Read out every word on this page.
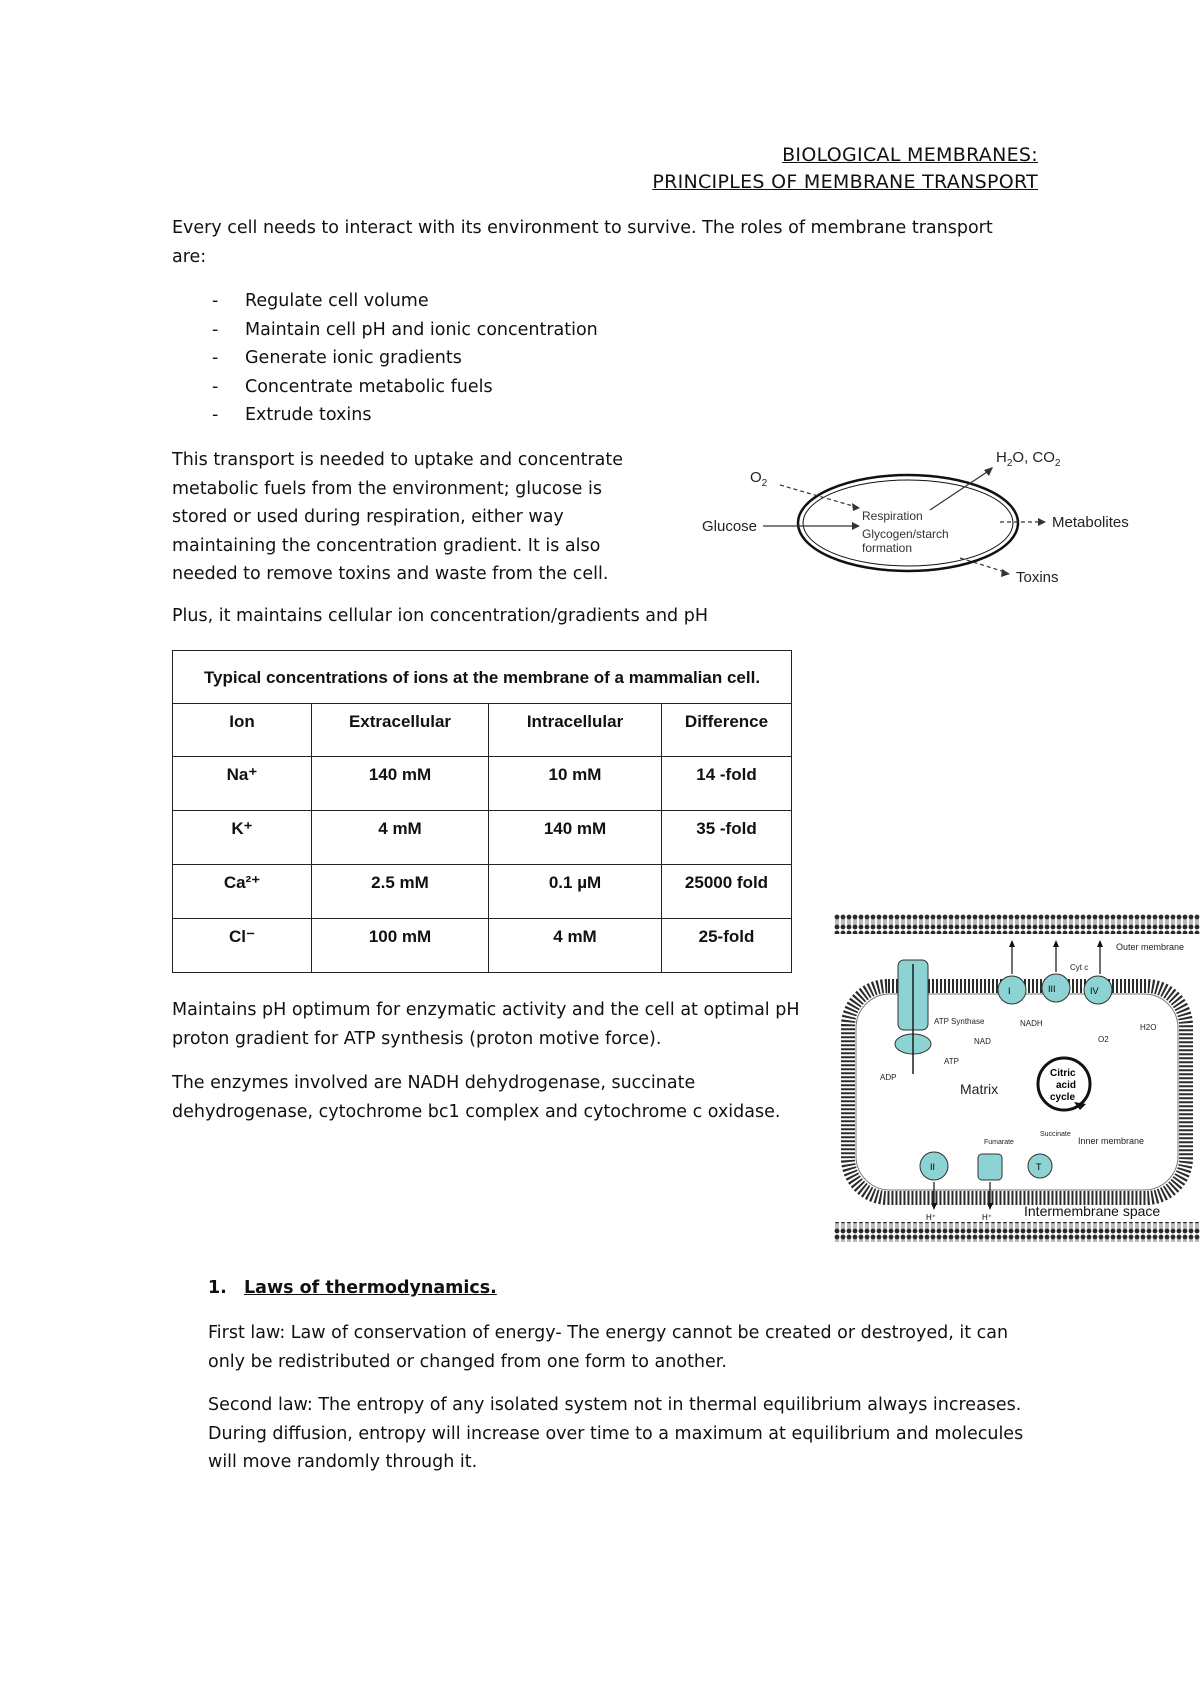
BIOLOGICAL MEMBRANES:
PRINCIPLES OF MEMBRANE TRANSPORT

Every cell needs to interact with its environment to survive. The roles of membrane transport are:

- Regulate cell volume
- Maintain cell pH and ionic concentration
- Generate ionic gradients
- Concentrate metabolic fuels
- Extrude toxins

This transport is needed to uptake and concentrate metabolic fuels from the environment; glucose is stored or used during respiration, either way maintaining the concentration gradient. It is also needed to remove toxins and waste from the cell.

$O_2$
Glucose
Respiration
Glycogen/starch
formation
$H_2O$, $CO_2$
Metabolites
Toxins

Plus, it maintains cellular ion concentration/gradients and pH

Typical concentrations of ions at the membrane of a mammalian cell.			
Ion	Extracellular	Intracellular	Difference
Na⁺	140 mM	10 mM	14 -fold
K⁺	4 mM	140 mM	35 -fold
Ca²⁺	2.5 mM	0.1 µM	25000 fold
Cl⁻	100 mM	4 mM	25-fold

Maintains pH optimum for enzymatic activity and the cell at optimal pH proton gradient for ATP synthesis (proton motive force).

The enzymes involved are NADH dehydrogenase, succinate dehydrogenase, cytochrome bc1 complex and cytochrome c oxidase.

Outer membrane
ATP Synthase
ADP
ATP
I	III	IV
Cyt c
NADH
NAD
H2O
O2
Matrix
Citric
acid
cycle
Fumarate
Succinate
II	T
Inner membrane
H⁺	H⁺ Intermembrane space
1. Laws of thermodynamics.

First law: Law of conservation of energy- The energy cannot be created or destroyed, it can only be redistributed or changed from one form to another.

Second law: The entropy of any isolated system not in thermal equilibrium always increases. During diffusion, entropy will increase over time to a maximum at equilibrium and molecules will move randomly through it.
